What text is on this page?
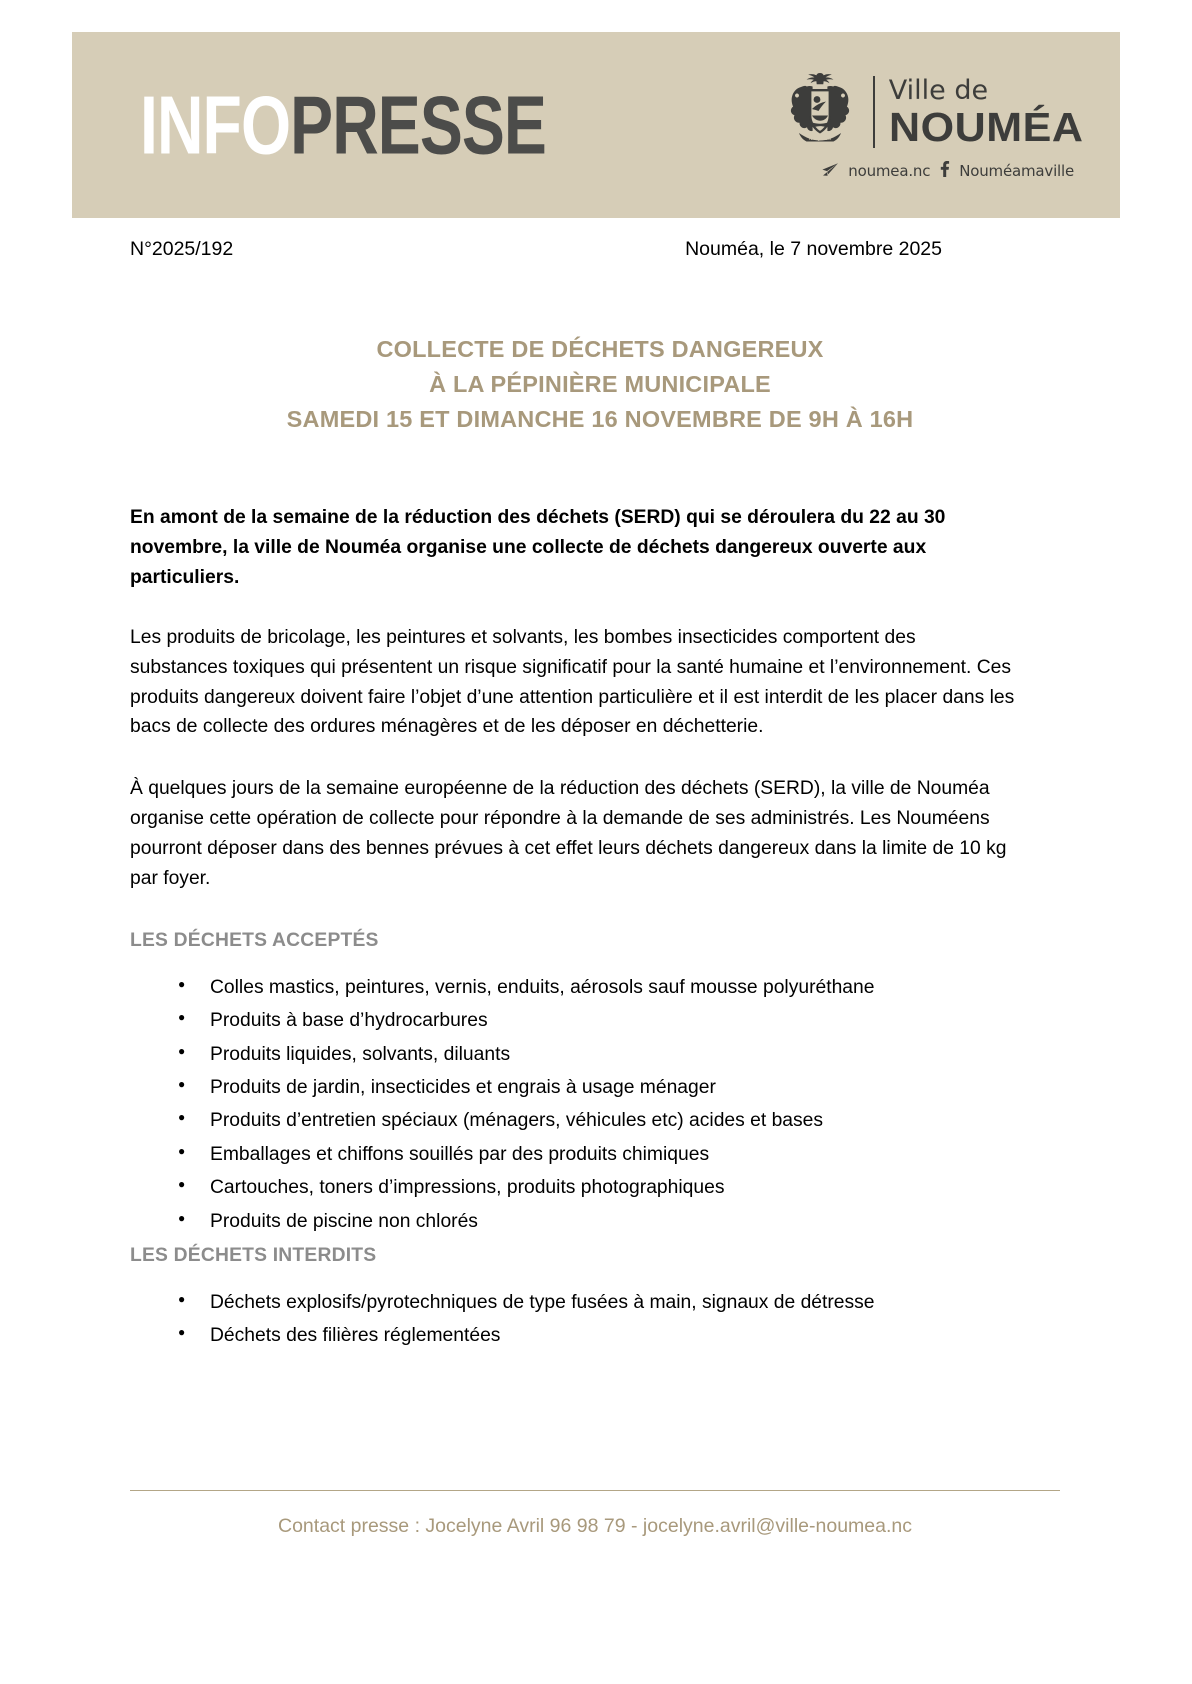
INFO PRESSE	NIS JMCU
Ville de
NOUMÉA
noumea.nc Nouméamaville
N°2025/192	Nouméa, le 7 novembre 2025
COLLECTE DE DÉCHETS DANGEREUX
À LA PÉPINIÈRE MUNICIPALE
SAMEDI 15 ET DIMANCHE 16 NOVEMBRE DE 9H À 16H

En amont de la semaine de la réduction des déchets (SERD) qui se déroulera du 22 au 30 novembre, la ville de Nouméa organise une collecte de déchets dangereux ouverte aux particuliers.

Les produits de bricolage, les peintures et solvants, les bombes insecticides comportent des substances toxiques qui présentent un risque significatif pour la santé humaine et l’environnement. Ces produits dangereux doivent faire l’objet d’une attention particulière et il est interdit de les placer dans les bacs de collecte des ordures ménagères et de les déposer en déchetterie.

À quelques jours de la semaine européenne de la réduction des déchets (SERD), la ville de Nouméa organise cette opération de collecte pour répondre à la demande de ses administrés. Les Nouméens pourront déposer dans des bennes prévues à cet effet leurs déchets dangereux dans la limite de 10 kg par foyer.

LES DÉCHETS ACCEPTÉS
● Colles mastics, peintures, vernis, enduits, aérosols sauf mousse polyuréthane
● Produits à base d’hydrocarbures
● Produits liquides, solvants, diluants
● Produits de jardin, insecticides et engrais à usage ménager
● Produits d’entretien spéciaux (ménagers, véhicules etc) acides et bases
● Emballages et chiffons souillés par des produits chimiques
● Cartouches, toners d’impressions, produits photographiques
● Produits de piscine non chlorés
LES DÉCHETS INTERDITS
● Déchets explosifs/pyrotechniques de type fusées à main, signaux de détresse
● Déchets des filières réglementées
Contact presse : Jocelyne Avril 96 98 79 - jocelyne.avril@ville-noumea.nc
